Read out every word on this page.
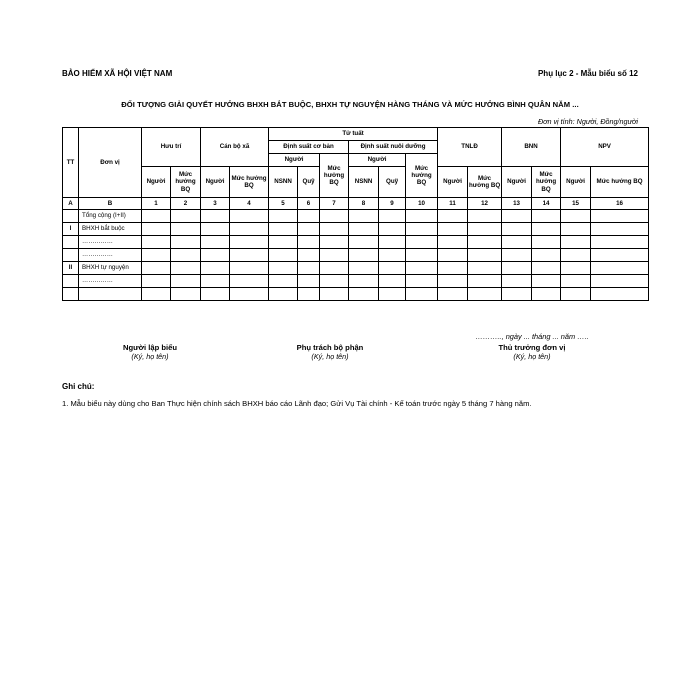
BẢO HIỂM XÃ HỘI VIỆT NAM	Phụ lục 2 - Mẫu biểu số 12
ĐỐI TƯỢNG GIẢI QUYẾT HƯỞNG BHXH BẮT BUỘC, BHXH TỰ NGUYỆN HÀNG THÁNG VÀ MỨC HƯỞNG BÌNH QUÂN NĂM ...
Đơn vị tính: Người, Đồng/người
TT	Đơn vị	Hưu trí		Cán bộ xã		Tử tuất						TNLĐ		BNN		NPV	
						Định suất cơ bản			Định suất nuôi dưỡng								
						Người		Mức hưởng BQ	Người		Mức hưởng BQ						
		Người	Mức hưởng BQ	Người	Mức hưởng BQ	NSNN	Quỹ		NSNN	Quỹ		Người	Mức hưởng BQ	Người	Mức hưởng BQ	Người	Mức hưởng BQ
A	B	1	2	3	4	5	6	7	8	9	10	11	12	13	14	15	16
	Tổng cộng (I+II)																
I	BHXH bắt buộc																
	……………																
	……………																
II	BHXH tự nguyện																
	……………																

……….., ngày ... tháng ... năm …..
Người lập biểu
(Ký, họ tên)
Phụ trách bộ phận
(Ký, họ tên)
Thủ trưởng đơn vị
(Ký, họ tên)
Ghi chú:
1. Mẫu biểu này dùng cho Ban Thực hiện chính sách BHXH báo cáo Lãnh đạo; Gửi Vụ Tài chính - Kế toán trước ngày 5 tháng 7 hàng năm.
